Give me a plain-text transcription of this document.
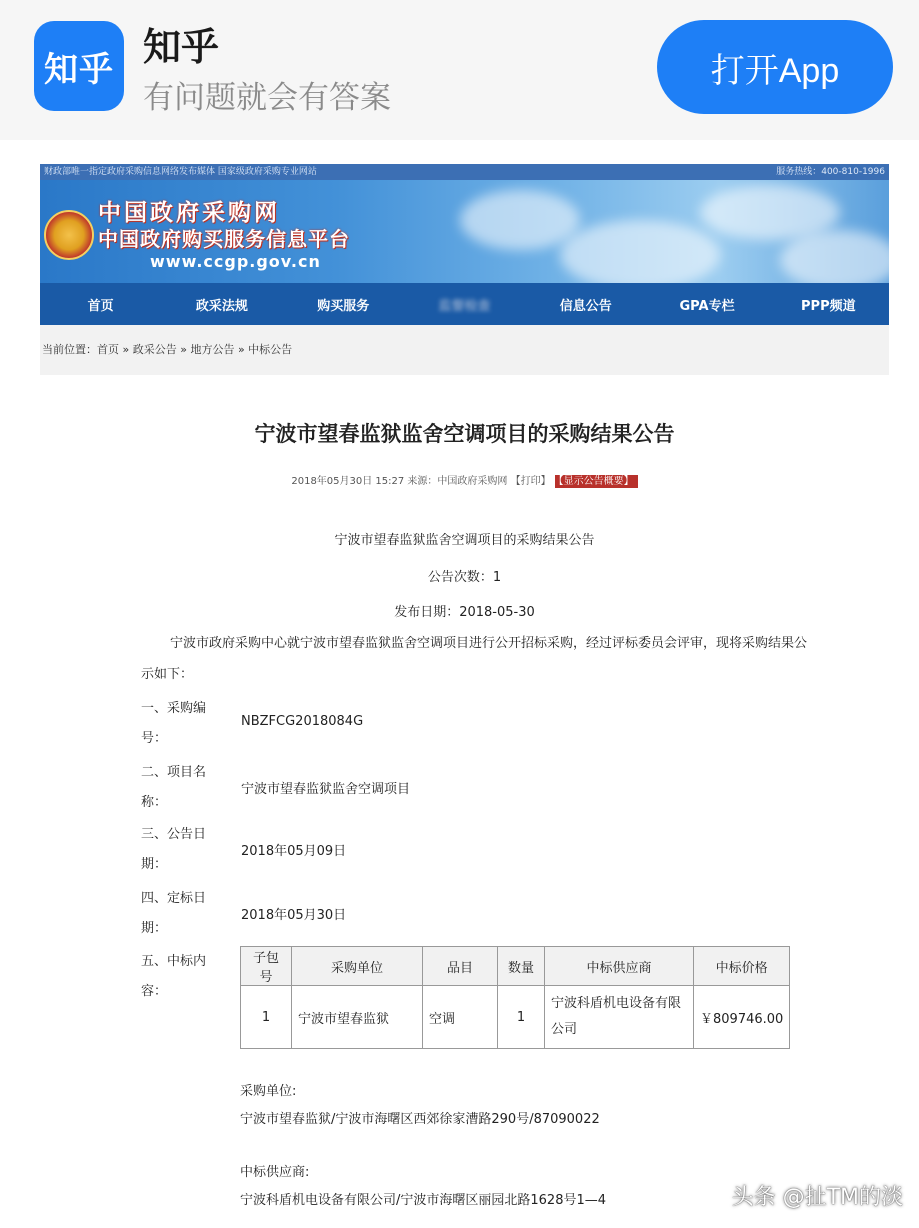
知乎
知乎
有问题就会有答案
打开App
财政部唯一指定政府采购信息网络发布媒体 国家级政府采购专业网站	服务热线：400-810-1996
中国政府采购网
中国政府购买服务信息平台
www.ccgp.gov.cn
首页	政采法规	购买服务	监督检查	信息公告	GPA专栏	PPP频道
当前位置：首页 » 政采公告 » 地方公告 » 中标公告
宁波市望春监狱监舍空调项目的采购结果公告
2018年05月30日 15:27 来源：中国政府采购网 【打印】 【显示公告概要】
宁波市望春监狱监舍空调项目的采购结果公告
公告次数：1
发布日期：2018-05-30
宁波市政府采购中心就宁波市望春监狱监舍空调项目进行公开招标采购，经过评标委员会评审，现将采购结果公示如下：
一、采购编号：
NBZFCG2018084G
二、项目名称：
宁波市望春监狱监舍空调项目
三、公告日期：
2018年05月09日
四、定标日期：
2018年05月30日
五、中标内容：
子包号	采购单位	品目	数量	中标供应商	中标价格
1	宁波市望春监狱	空调	1	宁波科盾机电设备有限公司	￥809746.00
采购单位:
宁波市望春监狱/宁波市海曙区西郊徐家漕路290号/87090022
中标供应商:
宁波科盾机电设备有限公司/宁波市海曙区丽园北路1628号1—4	头条 @扯TM的淡
